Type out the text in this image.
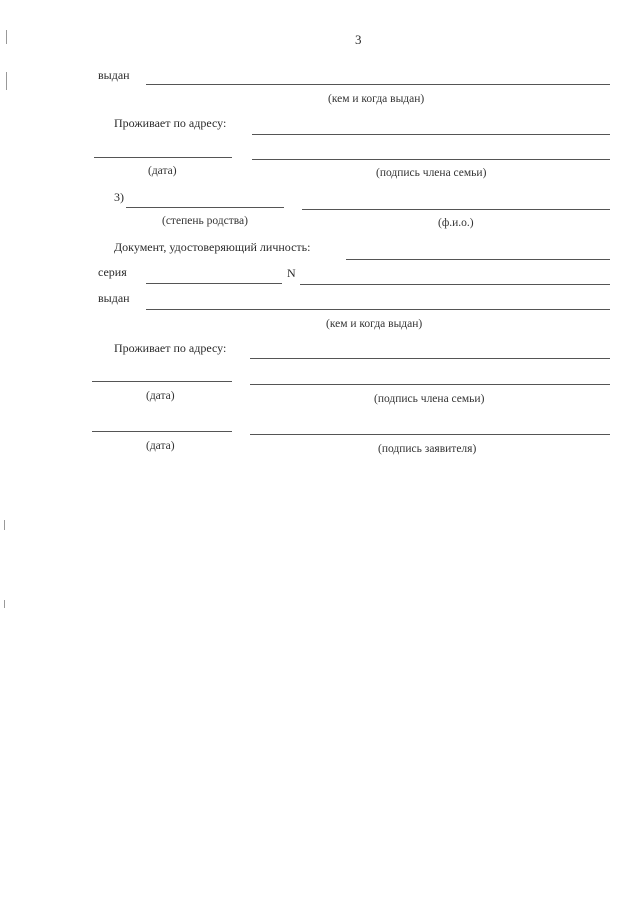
3
выдан
(кем и когда выдан)
Проживает по адресу:
(дата)	(подпись члена семьи)
3)
(степень родства)	(ф.и.о.)
Документ, удостоверяющий личность:
серия	N
выдан
(кем и когда выдан)
Проживает по адресу:
(дата)	(подпись члена семьи)
(дата)	(подпись заявителя)
